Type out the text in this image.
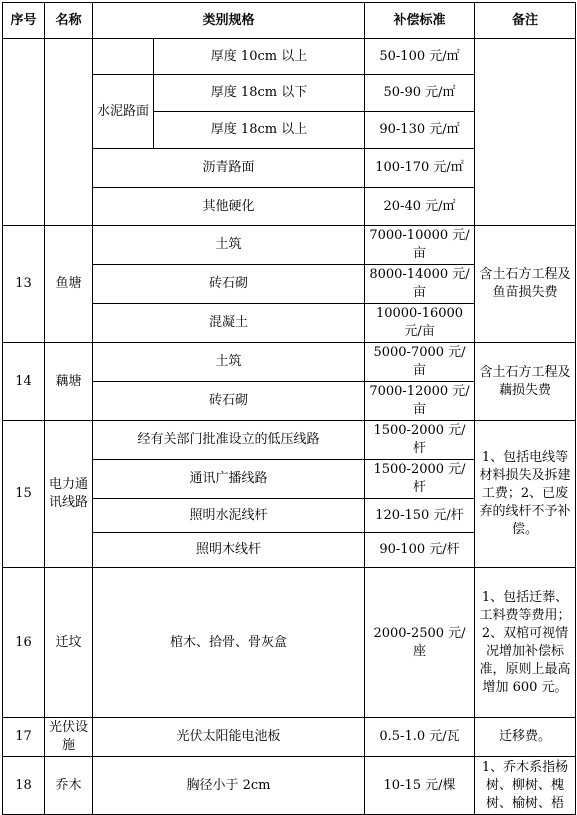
序号	名称	类别规格		补偿标准	备注
			厚度 10cm 以上	50-100 元/㎡	
		水泥路面	厚度 18cm 以下	50-90 元/㎡	
			厚度 18cm 以上	90-130 元/㎡	
		沥青路面		100-170 元/㎡	
		其他硬化		20-40 元/㎡	
13	鱼塘	土筑		7000-10000 元/亩	含土石方工程及鱼苗损失费
		砖石砌		8000-14000 元/亩	
		混凝土		10000-16000 元/亩	
14	藕塘	土筑		5000-7000 元/亩	含土石方工程及藕损失费
		砖石砌		7000-12000 元/亩	
15	电力通讯线路	经有关部门批准设立的低压线路		1500-2000 元/杆	1、包括电线等材料损失及拆建工费；2、已废弃的线杆不予补偿。
		通讯广播线路		1500-2000 元/杆	
		照明水泥线杆		120-150 元/杆	
		照明木线杆		90-100 元/杆	
16	迁坟	棺木、拾骨、骨灰盒		2000-2500 元/座	1、包括迁葬、工料费等费用；2、双棺可视情况增加补偿标准，原则上最高增加 600 元。
17	光伏设施	光伏太阳能电池板		0.5-1.0 元/瓦	迁移费。
18	乔木	胸径小于 2cm		10-15 元/棵	1、乔木系指杨树、柳树、槐树、榆树、梧
